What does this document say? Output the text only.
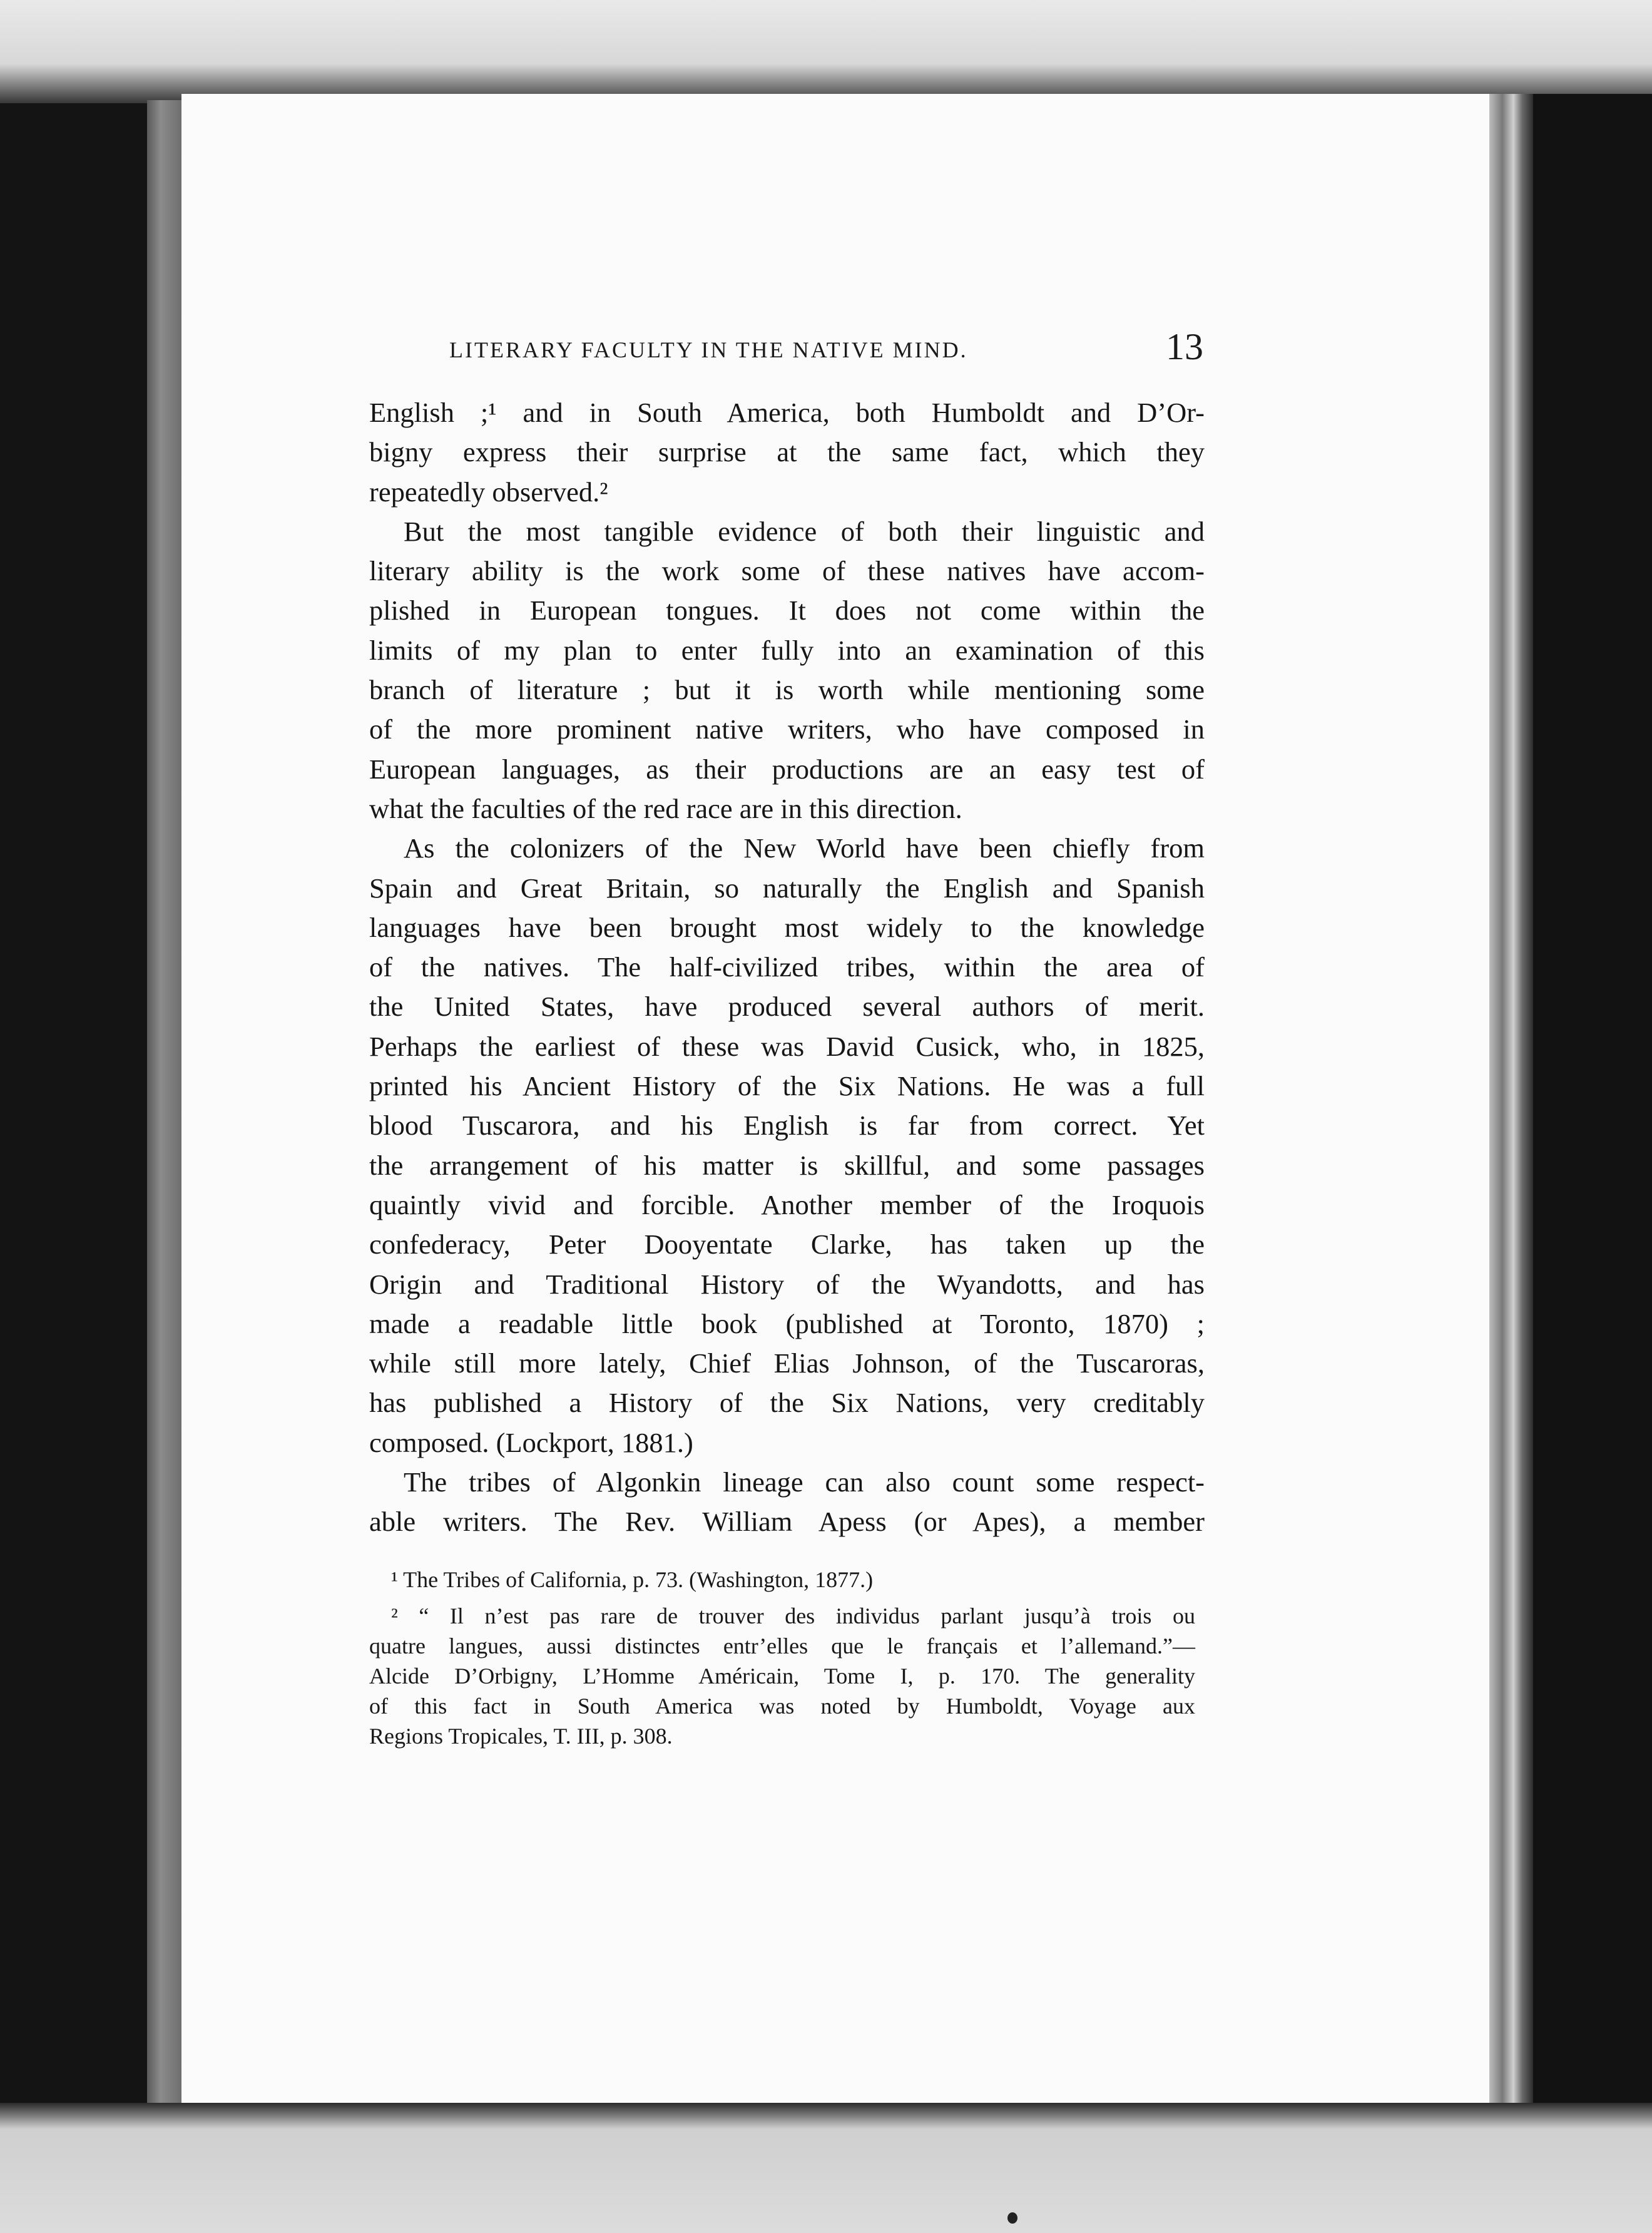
LITERARY FACULTY IN THE NATIVE MIND.	13
English ;¹ and in South America, both Humboldt and D’Or-
bigny express their surprise at the same fact, which they
repeatedly observed.²
But the most tangible evidence of both their linguistic and
literary ability is the work some of these natives have accom-
plished in European tongues. It does not come within the
limits of my plan to enter fully into an examination of this
branch of literature ; but it is worth while mentioning some
of the more prominent native writers, who have composed in
European languages, as their productions are an easy test of
what the faculties of the red race are in this direction.
As the colonizers of the New World have been chiefly from
Spain and Great Britain, so naturally the English and Spanish
languages have been brought most widely to the knowledge
of the natives. The half-civilized tribes, within the area of
the United States, have produced several authors of merit.
Perhaps the earliest of these was David Cusick, who, in 1825,
printed his Ancient History of the Six Nations. He was a full
blood Tuscarora, and his English is far from correct. Yet
the arrangement of his matter is skillful, and some passages
quaintly vivid and forcible. Another member of the Iroquois
confederacy, Peter Dooyentate Clarke, has taken up the
Origin and Traditional History of the Wyandotts, and has
made a readable little book (published at Toronto, 1870) ;
while still more lately, Chief Elias Johnson, of the Tuscaroras,
has published a History of the Six Nations, very creditably
composed. (Lockport, 1881.)
The tribes of Algonkin lineage can also count some respect-
able writers. The Rev. William Apess (or Apes), a member
¹ The Tribes of California, p. 73. (Washington, 1877.)
² “ Il n’est pas rare de trouver des individus parlant jusqu’à trois ou
quatre langues, aussi distinctes entr’elles que le français et l’allemand.”—
Alcide D’Orbigny, L’Homme Américain, Tome I, p. 170. The generality
of this fact in South America was noted by Humboldt, Voyage aux
Regions Tropicales, T. III, p. 308.
